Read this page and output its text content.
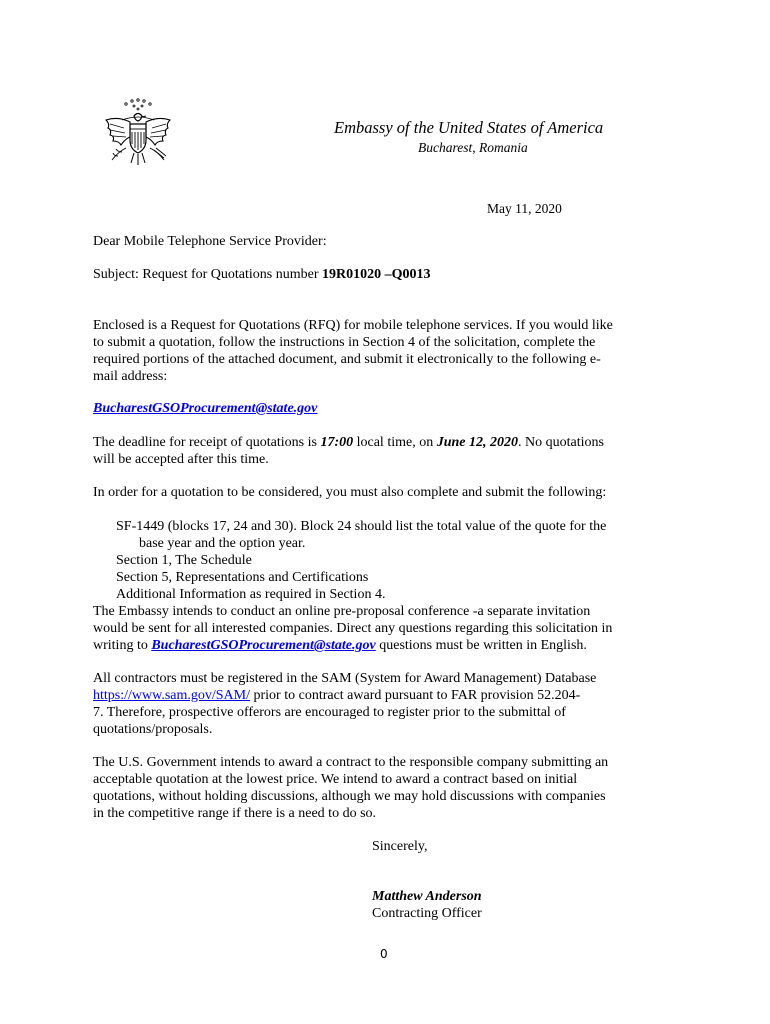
Embassy of the United States of America
Bucharest, Romania
May 11, 2020
Dear Mobile Telephone Service Provider:
Subject: Request for Quotations number 19R01020 –Q0013
Enclosed is a Request for Quotations (RFQ) for mobile telephone services. If you would like
to submit a quotation, follow the instructions in Section 4 of the solicitation, complete the
required portions of the attached document, and submit it electronically to the following e-
mail address:
BucharestGSOProcurement@state.gov
The deadline for receipt of quotations is 17:00 local time, on June 12, 2020. No quotations
will be accepted after this time.
In order for a quotation to be considered, you must also complete and submit the following:
SF-1449 (blocks 17, 24 and 30). Block 24 should list the total value of the quote for the
base year and the option year.
Section 1, The Schedule
Section 5, Representations and Certifications
Additional Information as required in Section 4.
The Embassy intends to conduct an online pre-proposal conference -a separate invitation
would be sent for all interested companies. Direct any questions regarding this solicitation in
writing to BucharestGSOProcurement@state.gov questions must be written in English.
All contractors must be registered in the SAM (System for Award Management) Database
https://www.sam.gov/SAM/ prior to contract award pursuant to FAR provision 52.204-
7. Therefore, prospective offerors are encouraged to register prior to the submittal of
quotations/proposals.
The U.S. Government intends to award a contract to the responsible company submitting an
acceptable quotation at the lowest price. We intend to award a contract based on initial
quotations, without holding discussions, although we may hold discussions with companies
in the competitive range if there is a need to do so.
Sincerely,
Matthew Anderson
Contracting Officer
0
